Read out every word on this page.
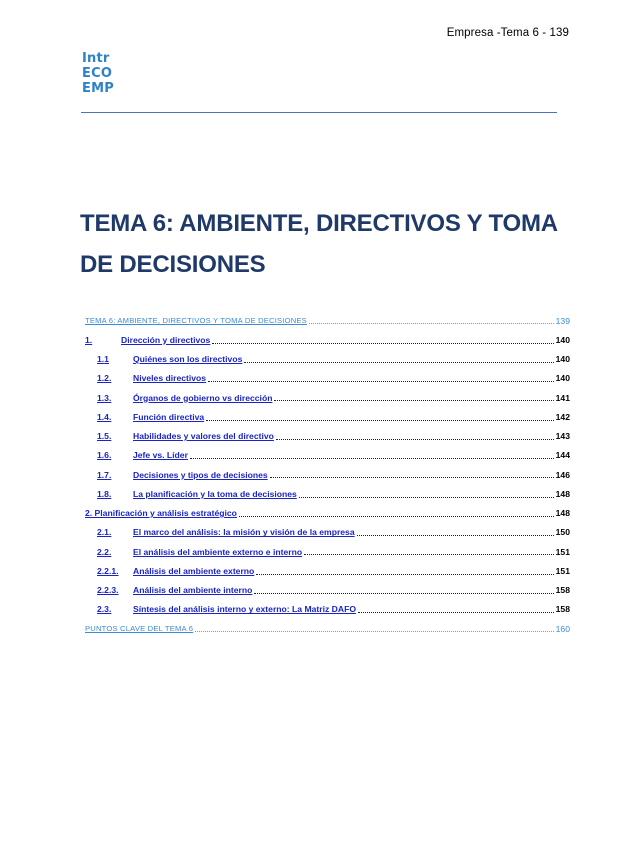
Empresa -Tema 6 - 139
Intr
ECO
EMP
TEMA 6: AMBIENTE, DIRECTIVOS Y TOMA
DE DECISIONES
TEMA 6: AMBIENTE, DIRECTIVOS Y TOMA DE DECISIONES	139
1.	Dirección y directivos	140
1.1	Quiénes son los directivos	140
1.2.	Niveles directivos	140
1.3.	Órganos de gobierno vs dirección	141
1.4.	Función directiva	142
1.5.	Habilidades y valores del directivo	143
1.6.	Jefe vs. Líder	144
1.7.	Decisiones y tipos de decisiones	146
1.8.	La planificación y la toma de decisiones	148
2. Planificación y análisis estratégico	148
2.1.	El marco del análisis: la misión y visión de la empresa	150
2.2.	El análisis del ambiente externo e interno	151
2.2.1.	Análisis del ambiente externo	151
2.2.3.	Análisis del ambiente interno	158
2.3.	Síntesis del análisis interno y externo: La Matriz DAFO	158
PUNTOS CLAVE DEL TEMA 6	160
